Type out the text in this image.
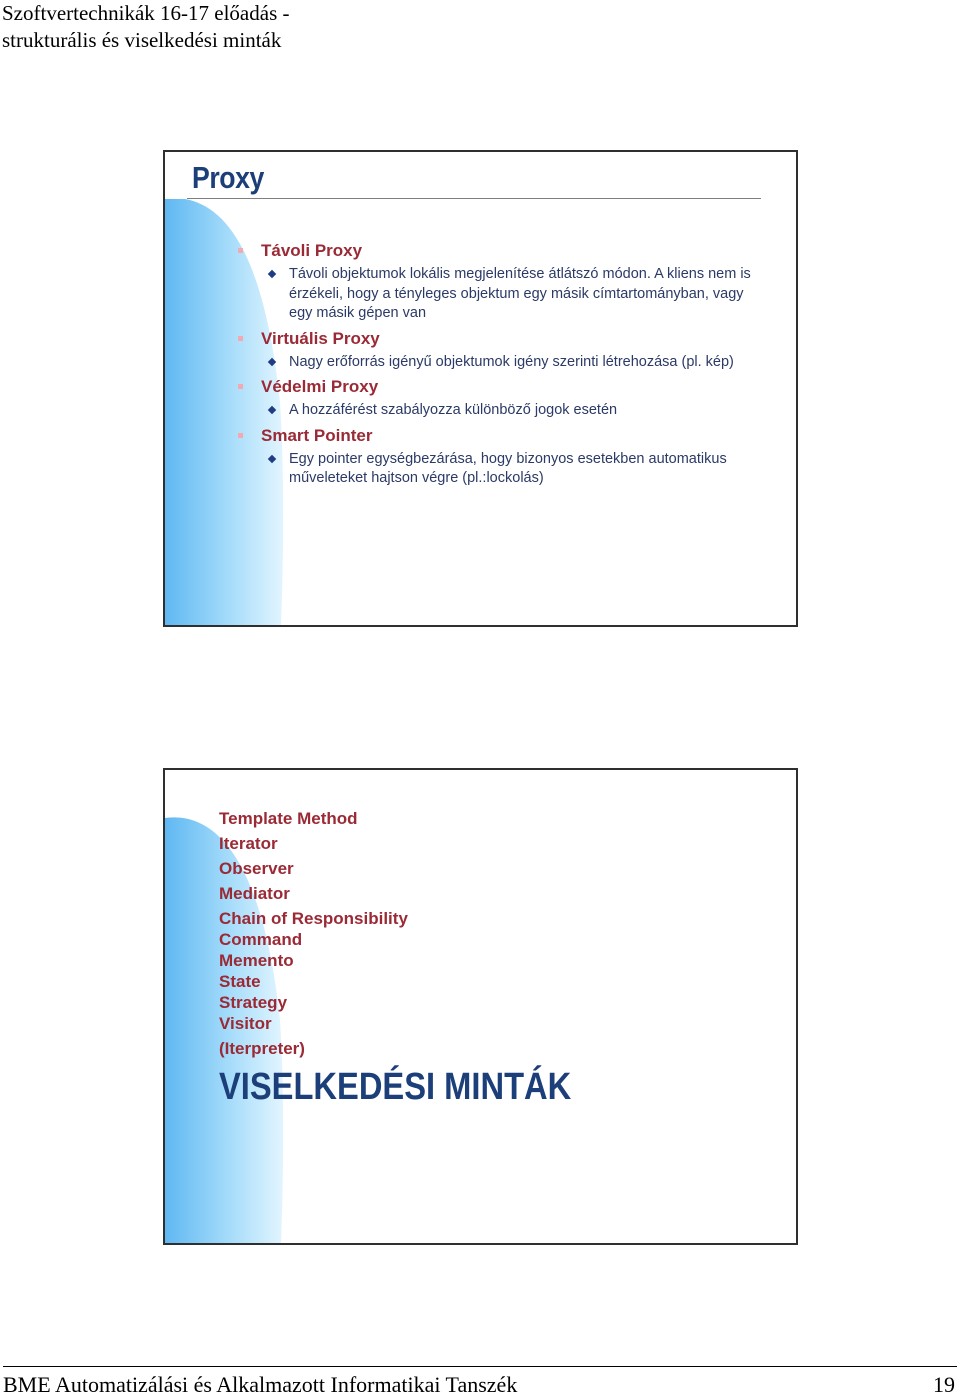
Szoftvertechnikák 16-17 előadás -
strukturális és viselkedési minták
Proxy
Távoli Proxy
Távoli objektumok lokális megjelenítése átlátszó módon. A kliens nem is érzékeli, hogy a tényleges objektum egy másik címtartományban, vagy egy másik gépen van
Virtuális Proxy
Nagy erőforrás igényű objektumok igény szerinti létrehozása (pl. kép)
Védelmi Proxy
A hozzáférést szabályozza különböző jogok esetén
Smart Pointer
Egy pointer egységbezárása, hogy bizonyos esetekben automatikus műveleteket hajtson végre (pl.:lockolás)
Template Method
Iterator
Observer
Mediator
Chain of Responsibility
Command
Memento
State
Strategy
Visitor
(Iterpreter)
VISELKEDÉSI MINTÁK
BME Automatizálási és Alkalmazott Informatikai Tanszék	19
